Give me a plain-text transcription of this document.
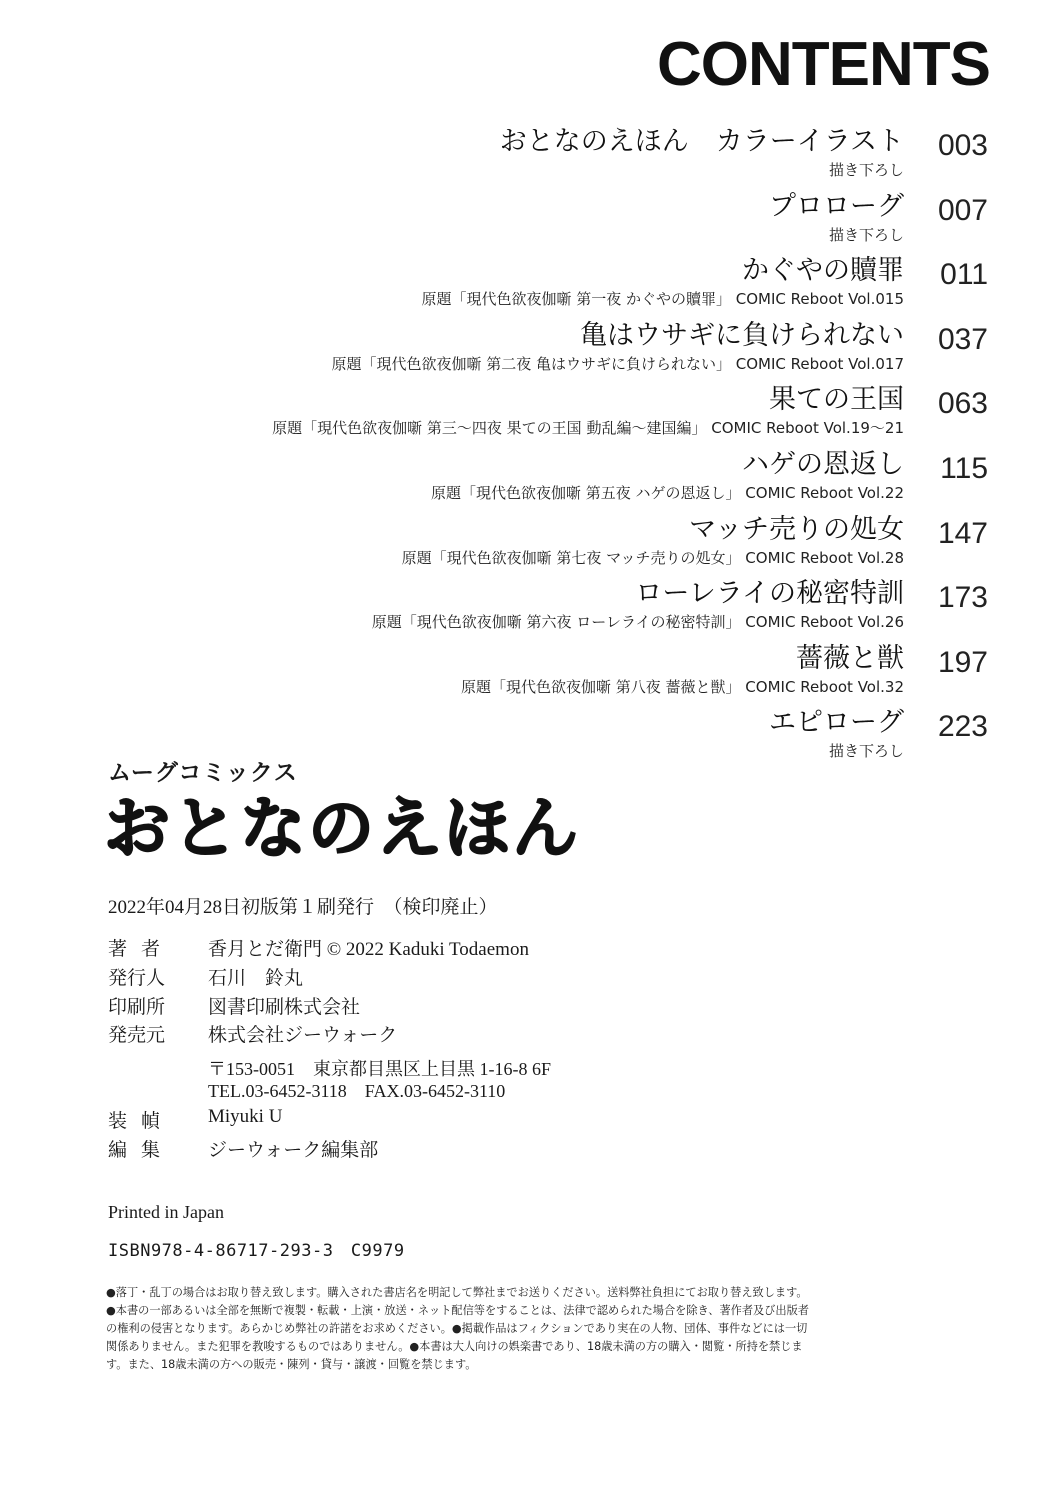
CONTENTS
おとなのえほん　カラーイラスト
描き下ろし
003
プロローグ
描き下ろし
007
かぐやの贖罪
原題「現代色欲夜伽噺 第一夜 かぐやの贖罪」 COMIC Reboot Vol.015
011
亀はウサギに負けられない
原題「現代色欲夜伽噺 第二夜 亀はウサギに負けられない」 COMIC Reboot Vol.017
037
果ての王国
原題「現代色欲夜伽噺 第三～四夜 果ての王国 動乱編～建国編」 COMIC Reboot Vol.19～21
063
ハゲの恩返し
原題「現代色欲夜伽噺 第五夜 ハゲの恩返し」 COMIC Reboot Vol.22
115
マッチ売りの処女
原題「現代色欲夜伽噺 第七夜 マッチ売りの処女」 COMIC Reboot Vol.28
147
ローレライの秘密特訓
原題「現代色欲夜伽噺 第六夜 ローレライの秘密特訓」 COMIC Reboot Vol.26
173
薔薇と獣
原題「現代色欲夜伽噺 第八夜 薔薇と獣」 COMIC Reboot Vol.32
197
エピローグ
描き下ろし
223
ムーグコミックス
おとなのえほん
2022年04月28日初版第１刷発行　（検印廃止）
著者	香月とだ衛門 © 2022 Kaduki Todaemon
発行人	石川　鈴丸
印刷所	図書印刷株式会社
発売元	株式会社ジーウォーク
〒153-0051　東京都目黒区上目黒 1-16-8 6F
TEL.03-6452-3118　FAX.03-6452-3110
装幀	Miyuki U
編集	ジーウォーク編集部
Printed in Japan
ISBN978-4-86717-293-3　C9979
●落丁・乱丁の場合はお取り替え致します。購入された書店名を明記して弊社までお送りください。送料弊社負担にてお取り替え致します。●本書の一部あるいは全部を無断で複製・転載・上演・放送・ネット配信等をすることは、法律で認められた場合を除き、著作者及び出版者の権利の侵害となります。あらかじめ弊社の許諾をお求めください。●掲載作品はフィクションであり実在の人物、団体、事件などには一切関係ありません。また犯罪を教唆するものではありません。●本書は大人向けの娯楽書であり、18歳未満の方の購入・閲覧・所持を禁じます。また、18歳未満の方への販売・陳列・貸与・譲渡・回覧を禁じます。
